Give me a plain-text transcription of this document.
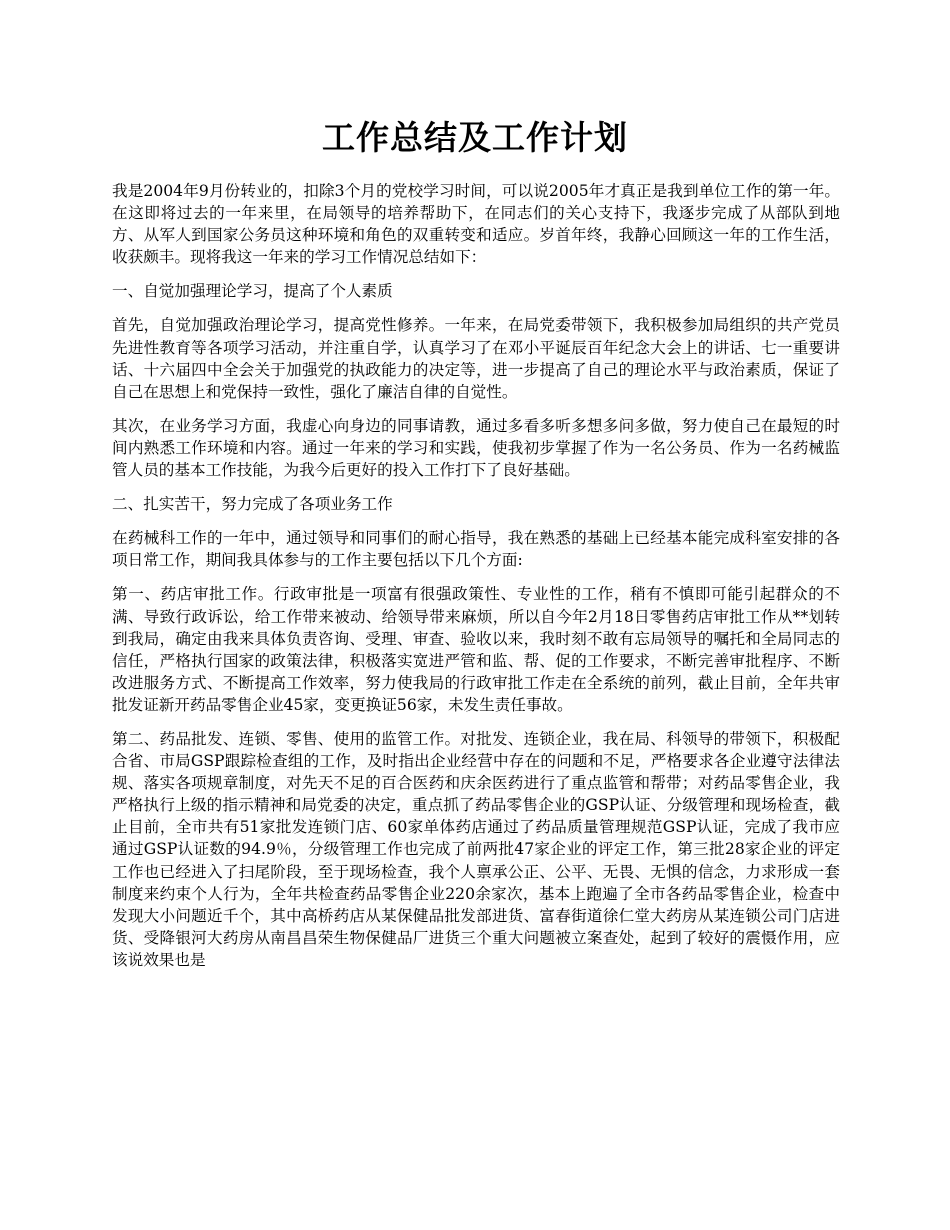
工作总结及工作计划

我是2004年9月份转业的，扣除3个月的党校学习时间，可以说2005年才真正是我到单位工作的第一年。在这即将过去的一年来里，在局领导的培养帮助下，在同志们的关心支持下，我逐步完成了从部队到地方、从军人到国家公务员这种环境和角色的双重转变和适应。岁首年终，我静心回顾这一年的工作生活，收获颇丰。现将我这一年来的学习工作情况总结如下：

一、自觉加强理论学习，提高了个人素质

首先，自觉加强政治理论学习，提高党性修养。一年来，在局党委带领下，我积极参加局组织的共产党员先进性教育等各项学习活动，并注重自学，认真学习了在邓小平诞辰百年纪念大会上的讲话、七一重要讲话、十六届四中全会关于加强党的执政能力的决定等，进一步提高了自己的理论水平与政治素质，保证了自己在思想上和党保持一致性，强化了廉洁自律的自觉性。

其次，在业务学习方面，我虚心向身边的同事请教，通过多看多听多想多问多做，努力使自己在最短的时间内熟悉工作环境和内容。通过一年来的学习和实践，使我初步掌握了作为一名公务员、作为一名药械监管人员的基本工作技能，为我今后更好的投入工作打下了良好基础。

二、扎实苦干，努力完成了各项业务工作

在药械科工作的一年中，通过领导和同事们的耐心指导，我在熟悉的基础上已经基本能完成科室安排的各项日常工作，期间我具体参与的工作主要包括以下几个方面:

第一、药店审批工作。行政审批是一项富有很强政策性、专业性的工作，稍有不慎即可能引起群众的不满、导致行政诉讼，给工作带来被动、给领导带来麻烦，所以自今年2月18日零售药店审批工作从**划转到我局，确定由我来具体负责咨询、受理、审查、验收以来，我时刻不敢有忘局领导的嘱托和全局同志的信任，严格执行国家的政策法律，积极落实宽进严管和监、帮、促的工作要求，不断完善审批程序、不断改进服务方式、不断提高工作效率，努力使我局的行政审批工作走在全系统的前列，截止目前，全年共审批发证新开药品零售企业45家，变更换证56家，未发生责任事故。

第二、药品批发、连锁、零售、使用的监管工作。对批发、连锁企业，我在局、科领导的带领下，积极配合省、市局GSP跟踪检查组的工作，及时指出企业经营中存在的问题和不足，严格要求各企业遵守法律法规、落实各项规章制度，对先天不足的百合医药和庆余医药进行了重点监管和帮带；对药品零售企业，我严格执行上级的指示精神和局党委的决定，重点抓了药品零售企业的GSP认证、分级管理和现场检查，截止目前，全市共有51家批发连锁门店、60家单体药店通过了药品质量管理规范GSP认证，完成了我市应通过GSP认证数的94.9％，分级管理工作也完成了前两批47家企业的评定工作，第三批28家企业的评定工作也已经进入了扫尾阶段，至于现场检查，我个人禀承公正、公平、无畏、无惧的信念，力求形成一套制度来约束个人行为，全年共检查药品零售企业220余家次，基本上跑遍了全市各药品零售企业，检查中发现大小问题近千个，其中高桥药店从某保健品批发部进货、富春街道徐仁堂大药房从某连锁公司门店进货、受降银河大药房从南昌昌荣生物保健品厂进货三个重大问题被立案查处，起到了较好的震慑作用，应该说效果也是
